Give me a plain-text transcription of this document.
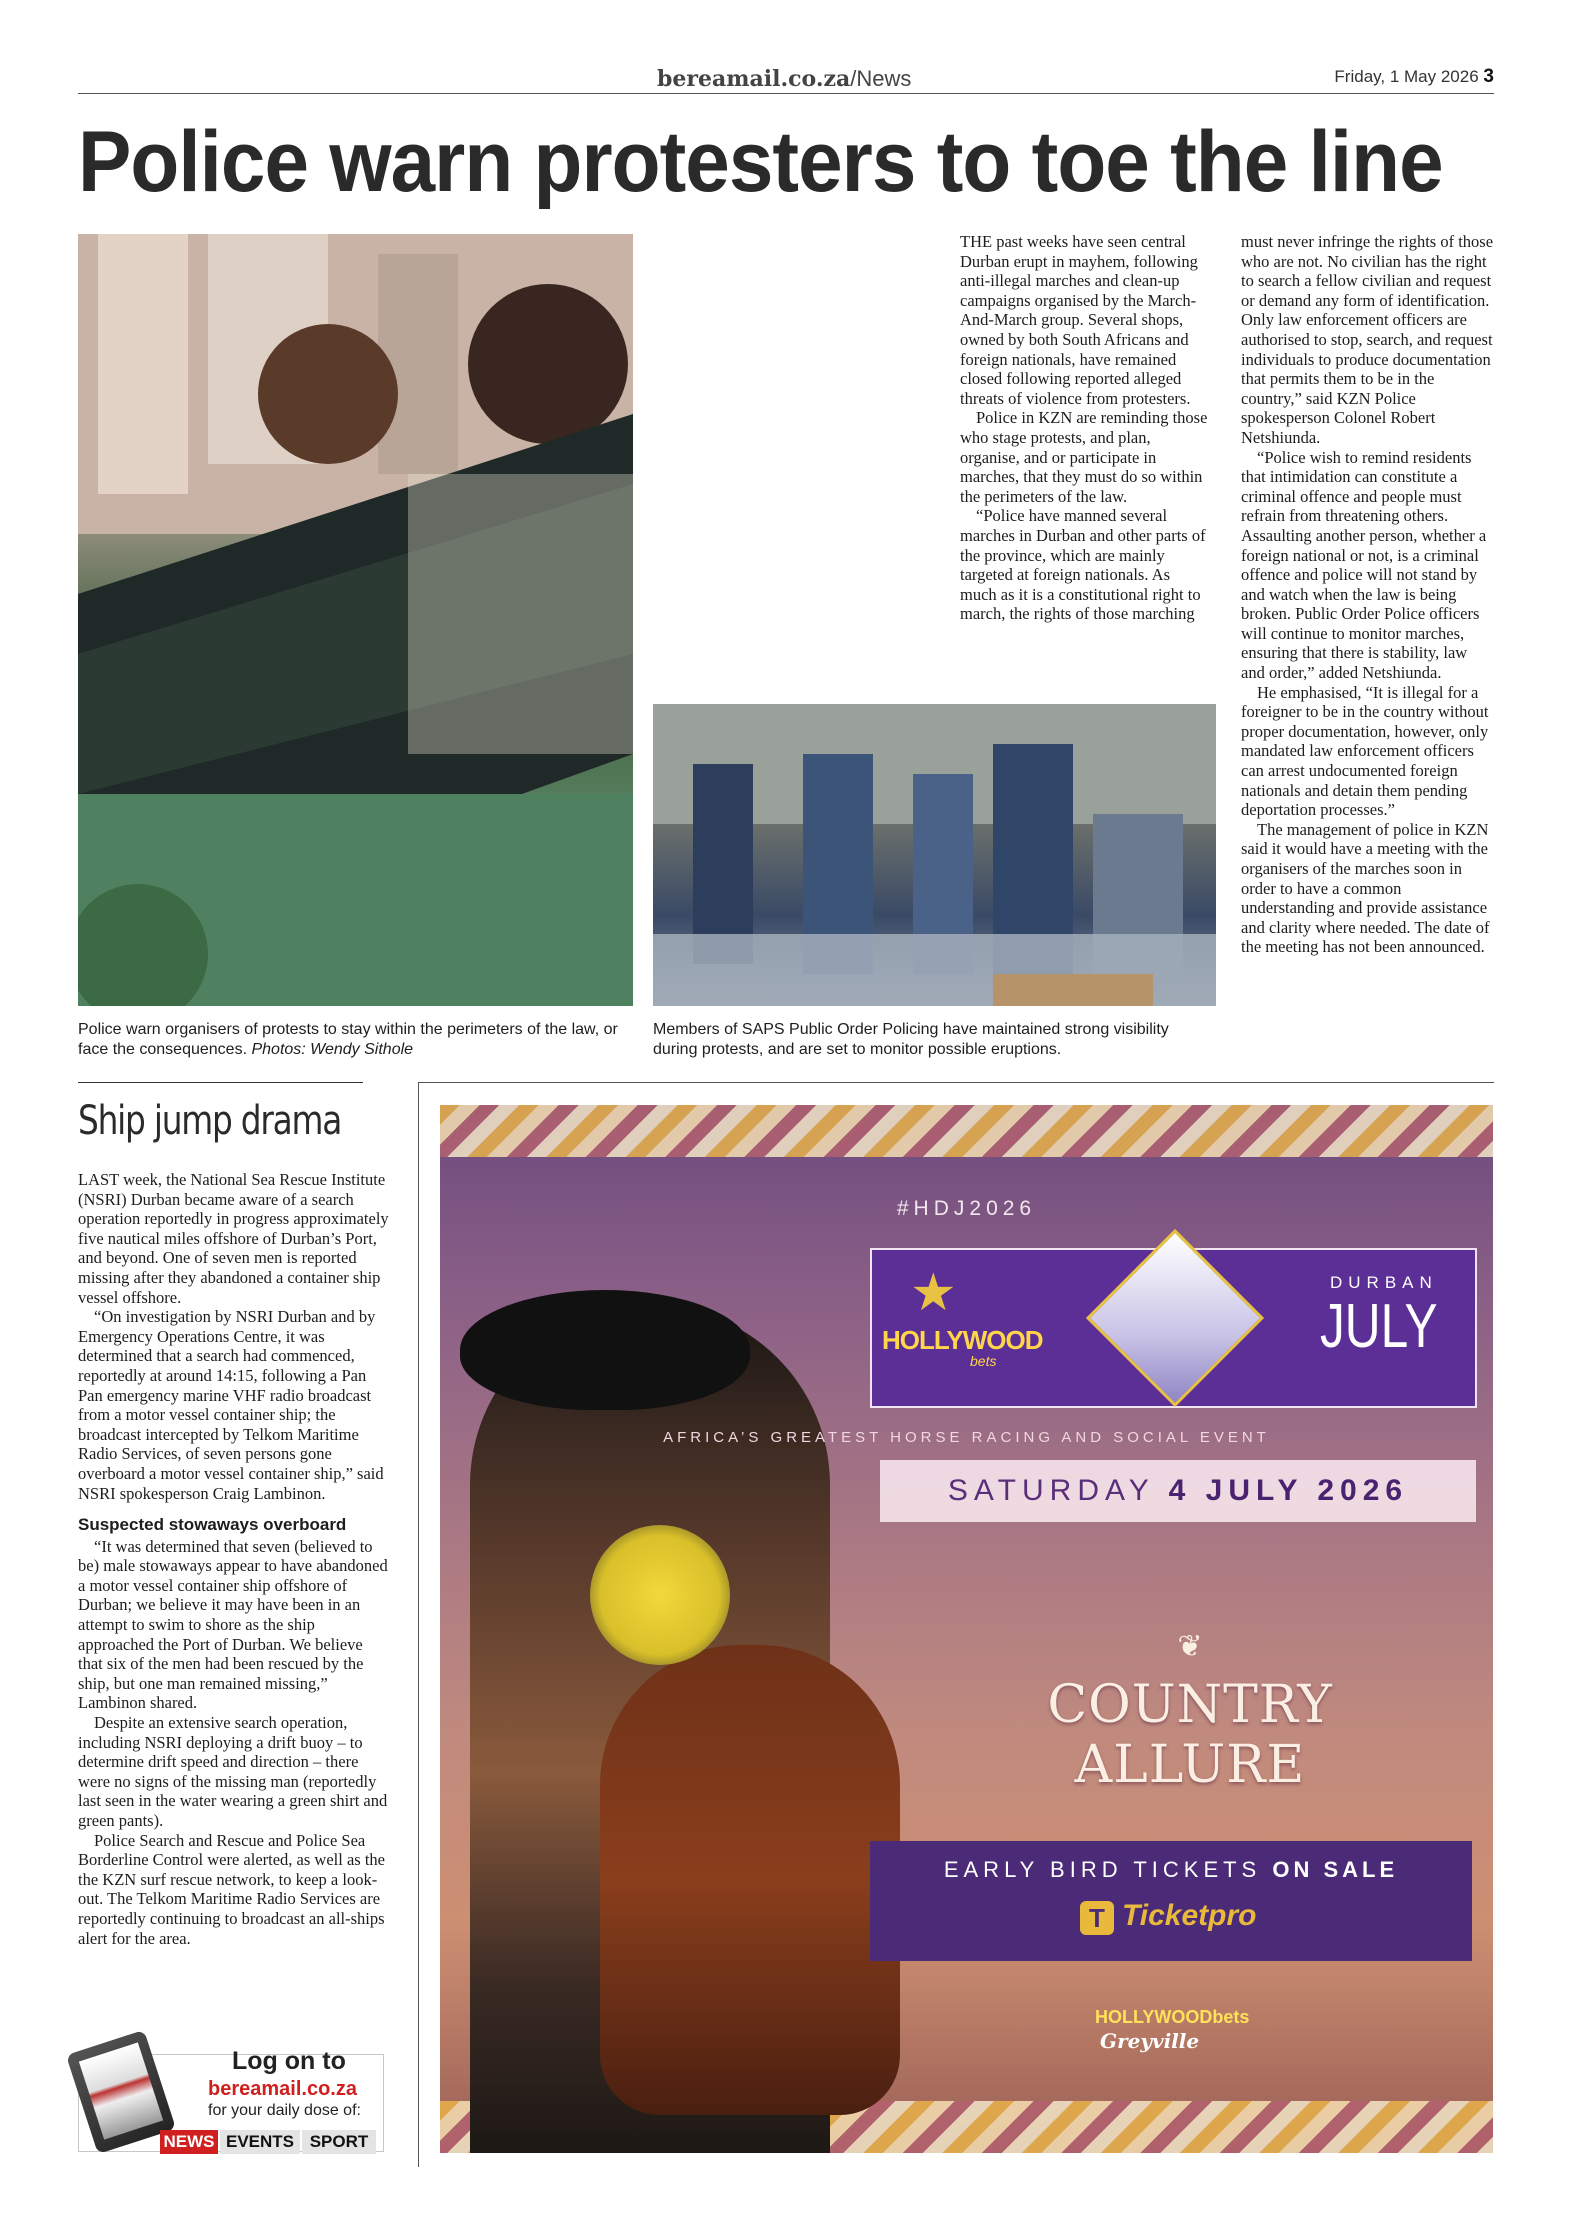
bereamail.co.za/News	Friday, 1 May 2026 3
Police warn protesters to toe the line
Police warn organisers of protests to stay within the perimeters of the law, or face the consequences. Photos: Wendy Sithole
Members of SAPS Public Order Policing have maintained strong visibility during protests, and are set to monitor possible eruptions.

THE past weeks have seen central Durban erupt in mayhem, following anti-illegal marches and clean-up campaigns organised by the March-And-March group. Several shops, owned by both South Africans and foreign nationals, have remained closed following reported alleged threats of violence from protesters.

Police in KZN are reminding those who stage protests, and plan, organise, and or participate in marches, that they must do so within the perimeters of the law.

“Police have manned several marches in Durban and other parts of the province, which are mainly targeted at foreign nationals. As much as it is a constitutional right to march, the rights of those marching

must never infringe the rights of those who are not. No civilian has the right to search a fellow civilian and request or demand any form of identification. Only law enforcement officers are authorised to stop, search, and request individuals to produce documentation that permits them to be in the country,” said KZN Police spokesperson Colonel Robert Netshiunda.

“Police wish to remind residents that intimidation can constitute a criminal offence and people must refrain from threatening others. Assaulting another person, whether a foreign national or not, is a criminal offence and police will not stand by and watch when the law is being broken. Public Order Police officers will continue to monitor marches, ensuring that there is stability, law and order,” added Netshiunda.

He emphasised, “It is illegal for a foreigner to be in the country without proper documentation, however, only mandated law enforcement officers can arrest undocumented foreign nationals and detain them pending deportation processes.”

The management of police in KZN said it would have a meeting with the organisers of the marches soon in order to have a common understanding and provide assistance and clarity where needed. The date of the meeting has not been announced.

Ship jump drama

LAST week, the National Sea Rescue Institute (NSRI) Durban became aware of a search operation reportedly in progress approximately five nautical miles offshore of Durban’s Port, and beyond. One of seven men is reported missing after they abandoned a container ship vessel offshore.

“On investigation by NSRI Durban and by Emergency Operations Centre, it was determined that a search had commenced, reportedly at around 14:15, following a Pan Pan emergency marine VHF radio broadcast from a motor vessel container ship; the broadcast intercepted by Telkom Maritime Radio Services, of seven persons gone overboard a motor vessel container ship,” said NSRI spokesperson Craig Lambinon.

Suspected stowaways overboard

“It was determined that seven (believed to be) male stowaways appear to have abandoned a motor vessel container ship offshore of Durban; we believe it may have been in an attempt to swim to shore as the ship approached the Port of Durban. We believe that six of the men had been rescued by the ship, but one man remained missing,” Lambinon shared.

Despite an extensive search operation, including NSRI deploying a drift buoy – to determine drift speed and direction – there were no signs of the missing man (reportedly last seen in the water wearing a green shirt and green pants).

Police Search and Rescue and Police Sea Borderline Control were alerted, as well as the the KZN surf rescue network, to keep a look-out. The Telkom Maritime Radio Services are reportedly continuing to broadcast an all-ships alert for the area.

Log on to
bereamail.co.za
for your daily dose of:
NEWS EVENTS SPORT
#HDJ2026
★
HOLLYWOOD
bets
DURBAN
JULY
AFRICA’S GREATEST HORSE RACING AND SOCIAL EVENT
SATURDAY 4 JULY 2026
❦
COUNTRY ALLURE
EARLY BIRD TICKETS ON SALE
T Ticketpro
HOLLYWOODbets
Greyville
